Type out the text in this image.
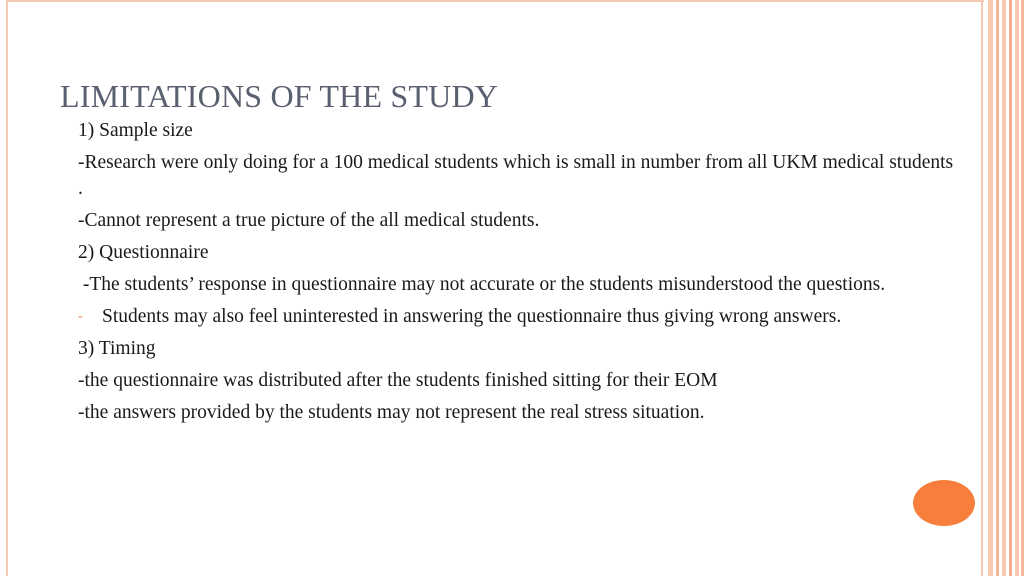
LIMITATIONS OF THE STUDY
1) Sample size
-Research were only doing for a 100 medical students which is small in number from all UKM medical students .
-Cannot represent a true picture of the all medical students.
2) Questionnaire
-The students’ response in questionnaire may not accurate or the students misunderstood the questions.
- Students may also feel uninterested in answering the questionnaire thus giving wrong answers.
3) Timing
-the questionnaire was distributed after the students finished sitting for their EOM
-the answers provided by the students may not represent the real stress situation.
